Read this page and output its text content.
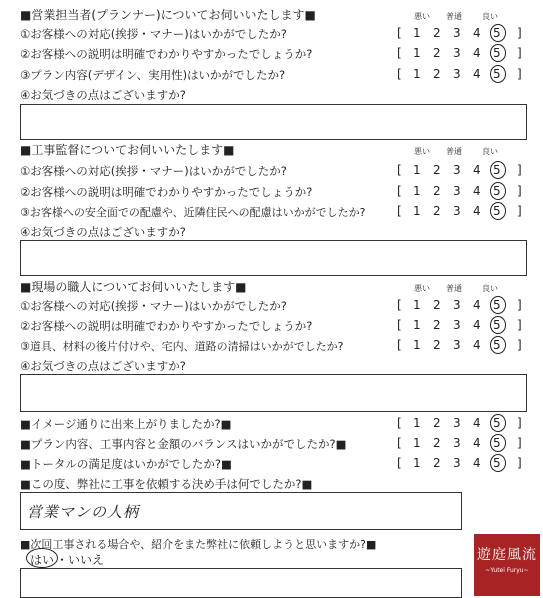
■営業担当者(プランナー)についてお伺いいたします■	悪い 普通	良い
①お客様への対応(挨拶・マナー)はいかがでしたか?	[ 1 2 3 4 5 ]
②お客様への説明は明確でわかりやすかったでしょうか?	[ 1 2 3 4 5 ]
③プラン内容(デザイン、実用性)はいかがでしたか?	[ 1 2 3 4 5 ]
④お気づきの点はございますか?
■工事監督についてお伺いいたします■	悪い 普通	良い
①お客様への対応(挨拶・マナー)はいかがでしたか?	[ 1 2 3 4 5 ]
②お客様への説明は明確でわかりやすかったでしょうか?	[ 1 2 3 4 5 ]
③お客様への安全面での配慮や、近隣住民への配慮はいかがでしたか?	[ 1 2 3 4 5 ]
④お気づきの点はございますか?
■現場の職人についてお伺いいたします■	悪い 普通	良い
①お客様への対応(挨拶・マナー)はいかがでしたか?	[ 1 2 3 4 5 ]
②お客様への説明は明確でわかりやすかったでしょうか?	[ 1 2 3 4 5 ]
③道具、材料の後片付けや、宅内、道路の清掃はいかがでしたか?	[ 1 2 3 4 5 ]
④お気づきの点はございますか?
■イメージ通りに出来上がりましたか?■	[ 1 2 3 4 5 ]
■プラン内容、工事内容と金額のバランスはいかがでしたか?■	[ 1 2 3 4 5 ]
■トータルの満足度はいかがでしたか?■	[ 1 2 3 4 5 ]
■この度、弊社に工事を依頼する決め手は何でしたか?■
営業マンの人柄
■次回工事される場合や、紹介をまた弊社に依頼しようと思いますか?■
はい ・ いいえ	遊庭風流
~Yutei Furyu~
